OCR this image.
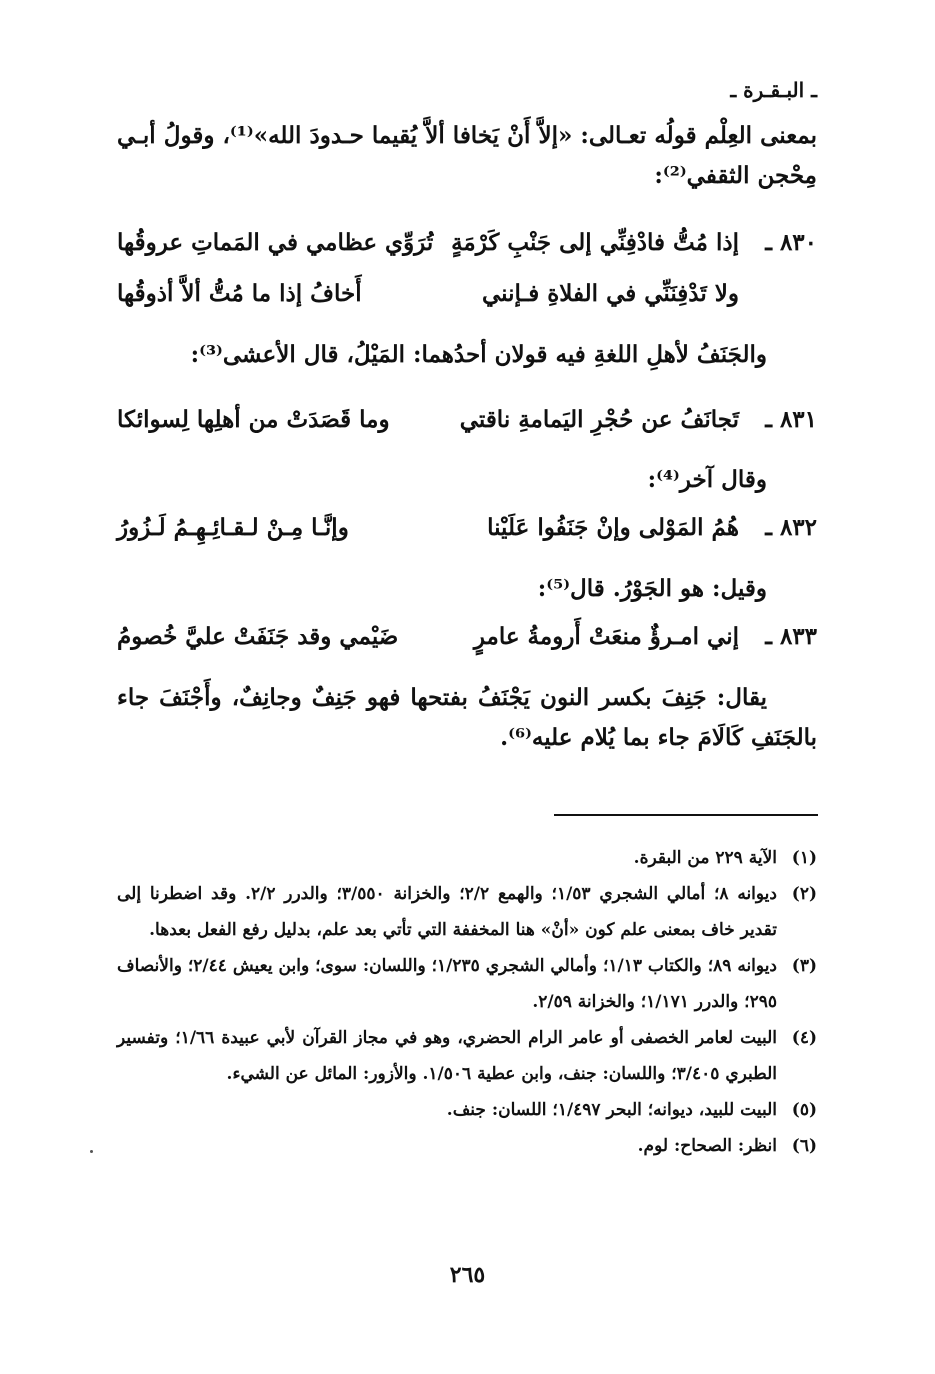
ـ البـقـرة ـ

بمعنى العِلْم قولُه تعـالى: «إلاَّ أَنْ يَخافا ألاَّ يُقيما حـدودَ الله»⁽¹⁾، وقولُ أبـي مِحْجن الثقفي⁽²⁾:

٨٣٠ ـ
إذا مُتُّ فادْفِنِّي إلى جَنْبِ كَرْمَةٍ
تُرَوِّي عظامي في المَماتِ عروقُها
ولا تَدْفِنَنِّي في الفلاةِ فـإنني
أَخافُ إذا ما مُتُّ ألاَّ أذوقُها

والجَنَفُ لأهلِ اللغةِ فيه قولان أحدُهما: المَيْلُ، قال الأعشى⁽³⁾:

٨٣١ ـ
تَجانَفُ عن حُجْرِ اليَمامةِ ناقتي
وما قَصَدَتْ من أهلِها لِسوائكا

وقال آخر⁽⁴⁾:

٨٣٢ ـ
هُمُ المَوْلى وإنْ جَنَفُوا عَلَيْنا
وإنَّـا مِـنْ لـقـائِـهِـمُ لَـزُورُ

وقيل: هو الجَوْرُ. قال⁽⁵⁾:

٨٣٣ ـ
إني امـرؤٌ منعَتْ أَرومةُ عامرٍ
ضَيْمي وقد جَنَفَتْ عليَّ خُصومُ

يقال: جَنِفَ بكسر النون يَجْنَفُ بفتحها فهو جَنِفٌ وجانِفٌ، وأَجْنَفَ جاء بالجَنَفِ كَالَامَ جاء بما يُلام عليه⁽⁶⁾.

(١)
الآية ٢٢٩ من البقرة.

(٢)
ديوانه ٨؛ أمالي الشجري ١/٥٣؛ والهمع ٢/٢؛ والخزانة ٣/٥٥٠؛ والدرر ٢/٢. وقد اضطرنا إلى تقدير خاف بمعنى علم كون «أنْ» هنا المخففة التي تأتي بعد علم، بدليل رفع الفعل بعدها.

(٣)
ديوانه ٨٩؛ والكتاب ١/١٣؛ وأمالي الشجري ١/٢٣٥؛ واللسان: سوى؛ وابن يعيش ٢/٤٤؛ والأنصاف ٢٩٥؛ والدرر ١/١٧١؛ والخزانة ٢/٥٩.

(٤)
البيت لعامر الخصفى أو عامر الرام الحضري، وهو في مجاز القرآن لأبي عبيدة ١/٦٦؛ وتفسير الطبري ٣/٤٠٥؛ واللسان: جنف، وابن عطية ١/٥٠٦. والأزور: المائل عن الشيء.

(٥)
البيت للبيد، ديوانه؛ البحر ١/٤٩٧؛ اللسان: جنف.

(٦)
انظر: الصحاح: لوم.

٢٦٥
